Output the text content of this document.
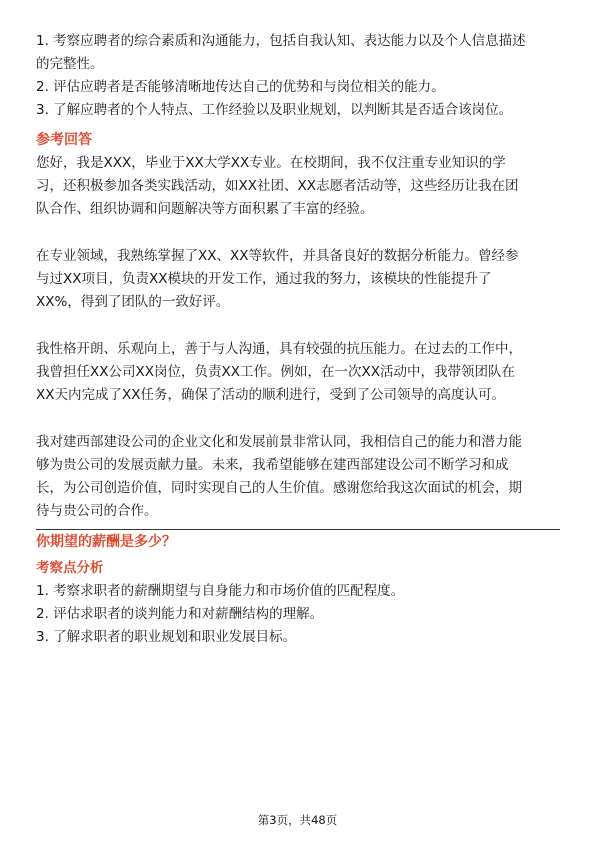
1. 考察应聘者的综合素质和沟通能力，包括自我认知、表达能力以及个人信息描述
的完整性。
2. 评估应聘者是否能够清晰地传达自己的优势和与岗位相关的能力。
3. 了解应聘者的个人特点、工作经验以及职业规划，以判断其是否适合该岗位。
参考回答
您好，我是XXX，毕业于XX大学XX专业。在校期间，我不仅注重专业知识的学
习，还积极参加各类实践活动，如XX社团、XX志愿者活动等，这些经历让我在团
队合作、组织协调和问题解决等方面积累了丰富的经验。
在专业领域，我熟练掌握了XX、XX等软件，并具备良好的数据分析能力。曾经参
与过XX项目，负责XX模块的开发工作，通过我的努力，该模块的性能提升了
XX%，得到了团队的一致好评。
我性格开朗、乐观向上，善于与人沟通，具有较强的抗压能力。在过去的工作中，
我曾担任XX公司XX岗位，负责XX工作。例如，在一次XX活动中，我带领团队在
XX天内完成了XX任务，确保了活动的顺利进行，受到了公司领导的高度认可。
我对建西部建设公司的企业文化和发展前景非常认同，我相信自己的能力和潜力能
够为贵公司的发展贡献力量。未来，我希望能够在建西部建设公司不断学习和成
长，为公司创造价值，同时实现自己的人生价值。感谢您给我这次面试的机会，期
待与贵公司的合作。
你期望的薪酬是多少？
考察点分析
1. 考察求职者的薪酬期望与自身能力和市场价值的匹配程度。
2. 评估求职者的谈判能力和对薪酬结构的理解。
3. 了解求职者的职业规划和职业发展目标。
第3页，共48页
